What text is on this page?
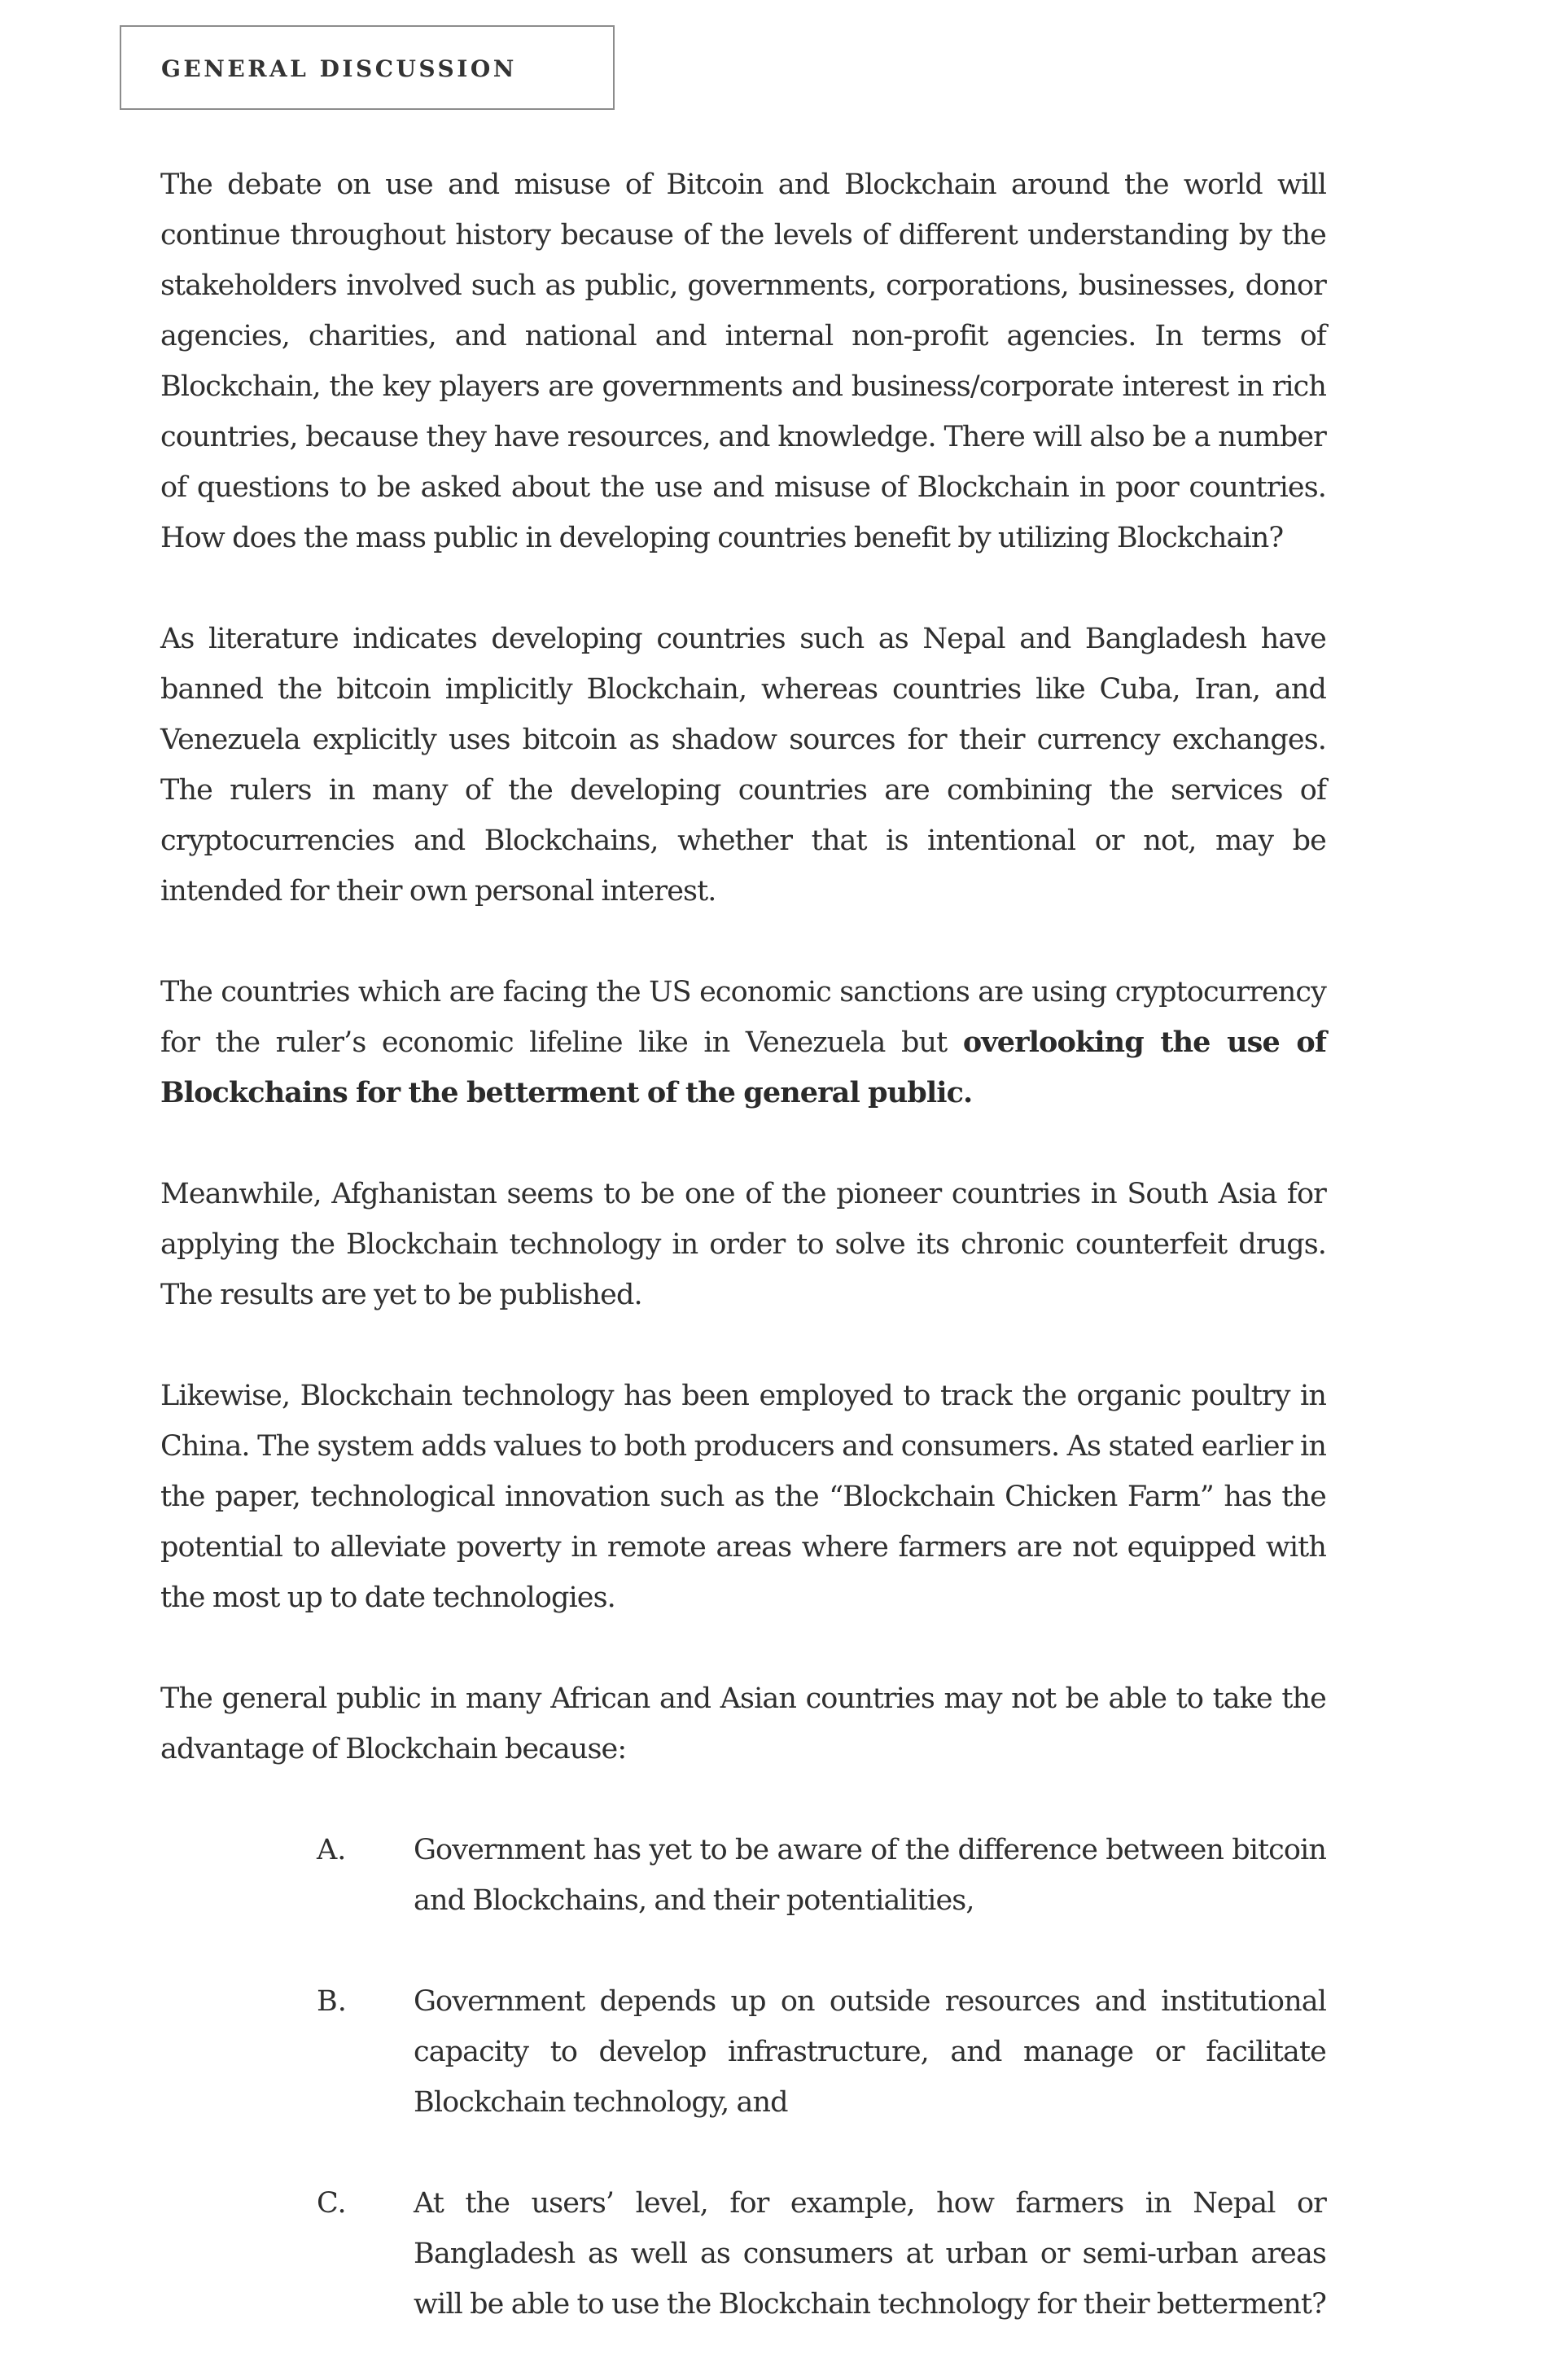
GENERAL DISCUSSION

The debate on use and misuse of Bitcoin and Blockchain around the world will continue throughout history because of the levels of different understanding by the stakeholders involved such as public, governments, corporations, businesses, donor agencies, charities, and national and internal non-profit agencies. In terms of Blockchain, the key players are governments and business/corporate interest in rich countries, because they have resources, and knowledge. There will also be a number of questions to be asked about the use and misuse of Blockchain in poor countries. How does the mass public in developing countries benefit by utilizing Blockchain?

As literature indicates developing countries such as Nepal and Bangladesh have banned the bitcoin implicitly Blockchain, whereas countries like Cuba, Iran, and Venezuela explicitly uses bitcoin as shadow sources for their currency exchanges. The rulers in many of the developing countries are combining the services of cryptocurrencies and Blockchains, whether that is intentional or not, may be intended for their own personal interest.

The countries which are facing the US economic sanctions are using cryptocurrency for the ruler’s economic lifeline like in Venezuela but overlooking the use of Blockchains for the betterment of the general public.

Meanwhile, Afghanistan seems to be one of the pioneer countries in South Asia for applying the Blockchain technology in order to solve its chronic counterfeit drugs. The results are yet to be published.

Likewise, Blockchain technology has been employed to track the organic poultry in China. The system adds values to both producers and consumers. As stated earlier in the paper, technological innovation such as the “Blockchain Chicken Farm” has the potential to alleviate poverty in remote areas where farmers are not equipped with the most up to date technologies.

The general public in many African and Asian countries may not be able to take the advantage of Blockchain because:

A. Government has yet to be aware of the difference between bitcoin and Blockchains, and their potentialities,
B. Government depends up on outside resources and institutional capacity to develop infrastructure, and manage or facilitate Blockchain technology, and
C. At the users’ level, for example, how farmers in Nepal or Bangladesh as well as consumers at urban or semi-urban areas will be able to use the Blockchain technology for their betterment?
